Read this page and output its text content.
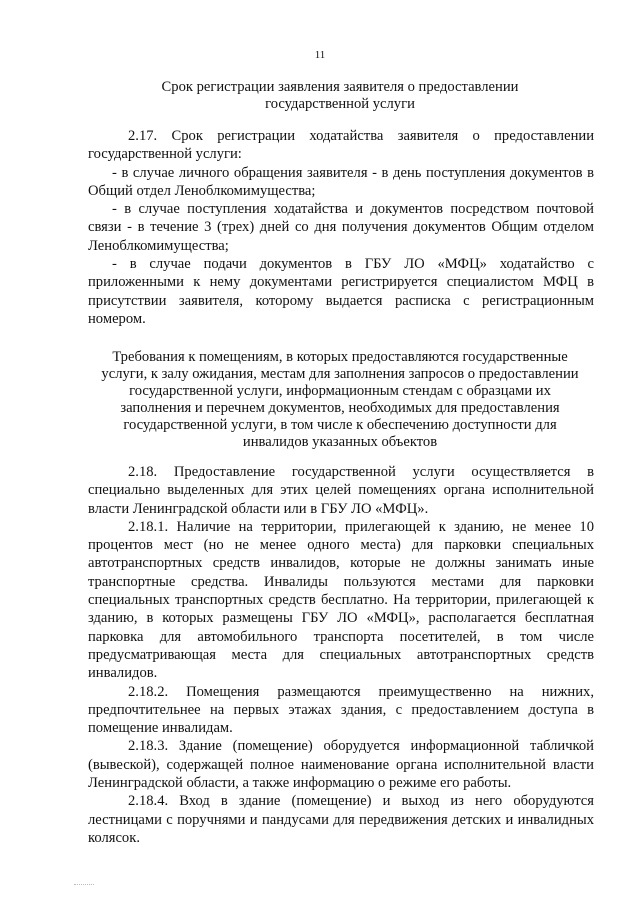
11
Срок регистрации заявления заявителя о предоставлении
государственной услуги

2.17. Срок регистрации ходатайства заявителя о предоставлении государственной услуги:

- в случае личного обращения заявителя - в день поступления документов в Общий отдел Леноблкомимущества;

- в случае поступления ходатайства и документов посредством почтовой связи - в течение 3 (трех) дней со дня получения документов Общим отделом Леноблкомимущества;

- в случае подачи документов в ГБУ ЛО «МФЦ» ходатайство с приложенными к нему документами регистрируется специалистом МФЦ в присутствии заявителя, которому выдается расписка с регистрационным номером.

Требования к помещениям, в которых предоставляются государственные
услуги, к залу ожидания, местам для заполнения запросов о предоставлении
государственной услуги, информационным стендам с образцами их
заполнения и перечнем документов, необходимых для предоставления
государственной услуги, в том числе к обеспечению доступности для
инвалидов указанных объектов

2.18. Предоставление государственной услуги осуществляется в специально выделенных для этих целей помещениях органа исполнительной власти Ленинградской области или в ГБУ ЛО «МФЦ».

2.18.1. Наличие на территории, прилегающей к зданию, не менее 10 процентов мест (но не менее одного места) для парковки специальных автотранспортных средств инвалидов, которые не должны занимать иные транспортные средства. Инвалиды пользуются местами для парковки специальных транспортных средств бесплатно. На территории, прилегающей к зданию, в которых размещены ГБУ ЛО «МФЦ», располагается бесплатная парковка для автомобильного транспорта посетителей, в том числе предусматривающая места для специальных автотранспортных средств инвалидов.

2.18.2. Помещения размещаются преимущественно на нижних, предпочтительнее на первых этажах здания, с предоставлением доступа в помещение инвалидам.

2.18.3. Здание (помещение) оборудуется информационной табличкой (вывеской), содержащей полное наименование органа исполнительной власти Ленинградской области, а также информацию о режиме его работы.

2.18.4. Вход в здание (помещение) и выход из него оборудуются лестницами с поручнями и пандусами для передвижения детских и инвалидных колясок.
